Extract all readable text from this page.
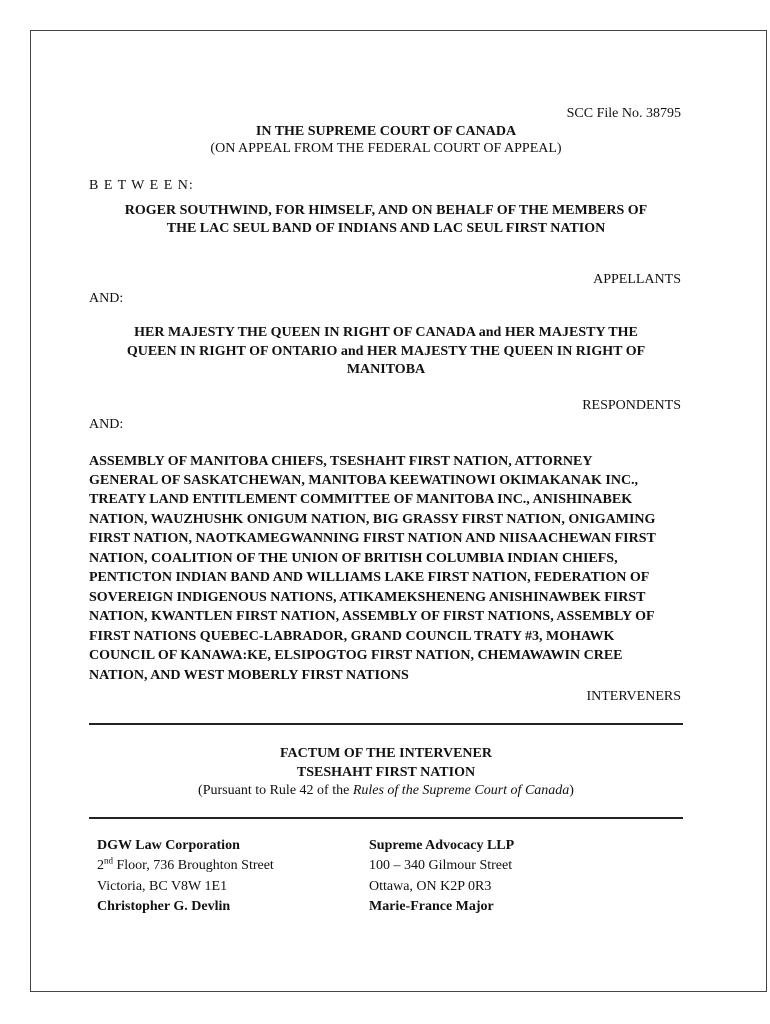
SCC File No. 38795
IN THE SUPREME COURT OF CANADA
(ON APPEAL FROM THE FEDERAL COURT OF APPEAL)
B E T W E E N:
ROGER SOUTHWIND, FOR HIMSELF, AND ON BEHALF OF THE MEMBERS OF
THE LAC SEUL BAND OF INDIANS AND LAC SEUL FIRST NATION
APPELLANTS
AND:
HER MAJESTY THE QUEEN IN RIGHT OF CANADA and HER MAJESTY THE
QUEEN IN RIGHT OF ONTARIO and HER MAJESTY THE QUEEN IN RIGHT OF
MANITOBA
RESPONDENTS
AND:
ASSEMBLY OF MANITOBA CHIEFS, TSESHAHT FIRST NATION, ATTORNEY
GENERAL OF SASKATCHEWAN, MANITOBA KEEWATINOWI OKIMAKANAK INC.,
TREATY LAND ENTITLEMENT COMMITTEE OF MANITOBA INC., ANISHINABEK
NATION, WAUZHUSHK ONIGUM NATION, BIG GRASSY FIRST NATION, ONIGAMING
FIRST NATION, NAOTKAMEGWANNING FIRST NATION AND NIISAACHEWAN FIRST
NATION, COALITION OF THE UNION OF BRITISH COLUMBIA INDIAN CHIEFS,
PENTICTON INDIAN BAND AND WILLIAMS LAKE FIRST NATION, FEDERATION OF
SOVEREIGN INDIGENOUS NATIONS, ATIKAMEKSHENENG ANISHINAWBEK FIRST
NATION, KWANTLEN FIRST NATION, ASSEMBLY OF FIRST NATIONS, ASSEMBLY OF
FIRST NATIONS QUEBEC-LABRADOR, GRAND COUNCIL TRATY #3, MOHAWK
COUNCIL OF KANAWA:KE, ELSIPOGTOG FIRST NATION, CHEMAWAWIN CREE
NATION, AND WEST MOBERLY FIRST NATIONS
INTERVENERS
FACTUM OF THE INTERVENER
TSESHAHT FIRST NATION
(Pursuant to Rule 42 of the Rules of the Supreme Court of Canada)
DGW Law Corporation
2nd Floor, 736 Broughton Street
Victoria, BC V8W 1E1
Christopher G. Devlin
Supreme Advocacy LLP
100 – 340 Gilmour Street
Ottawa, ON K2P 0R3
Marie-France Major
